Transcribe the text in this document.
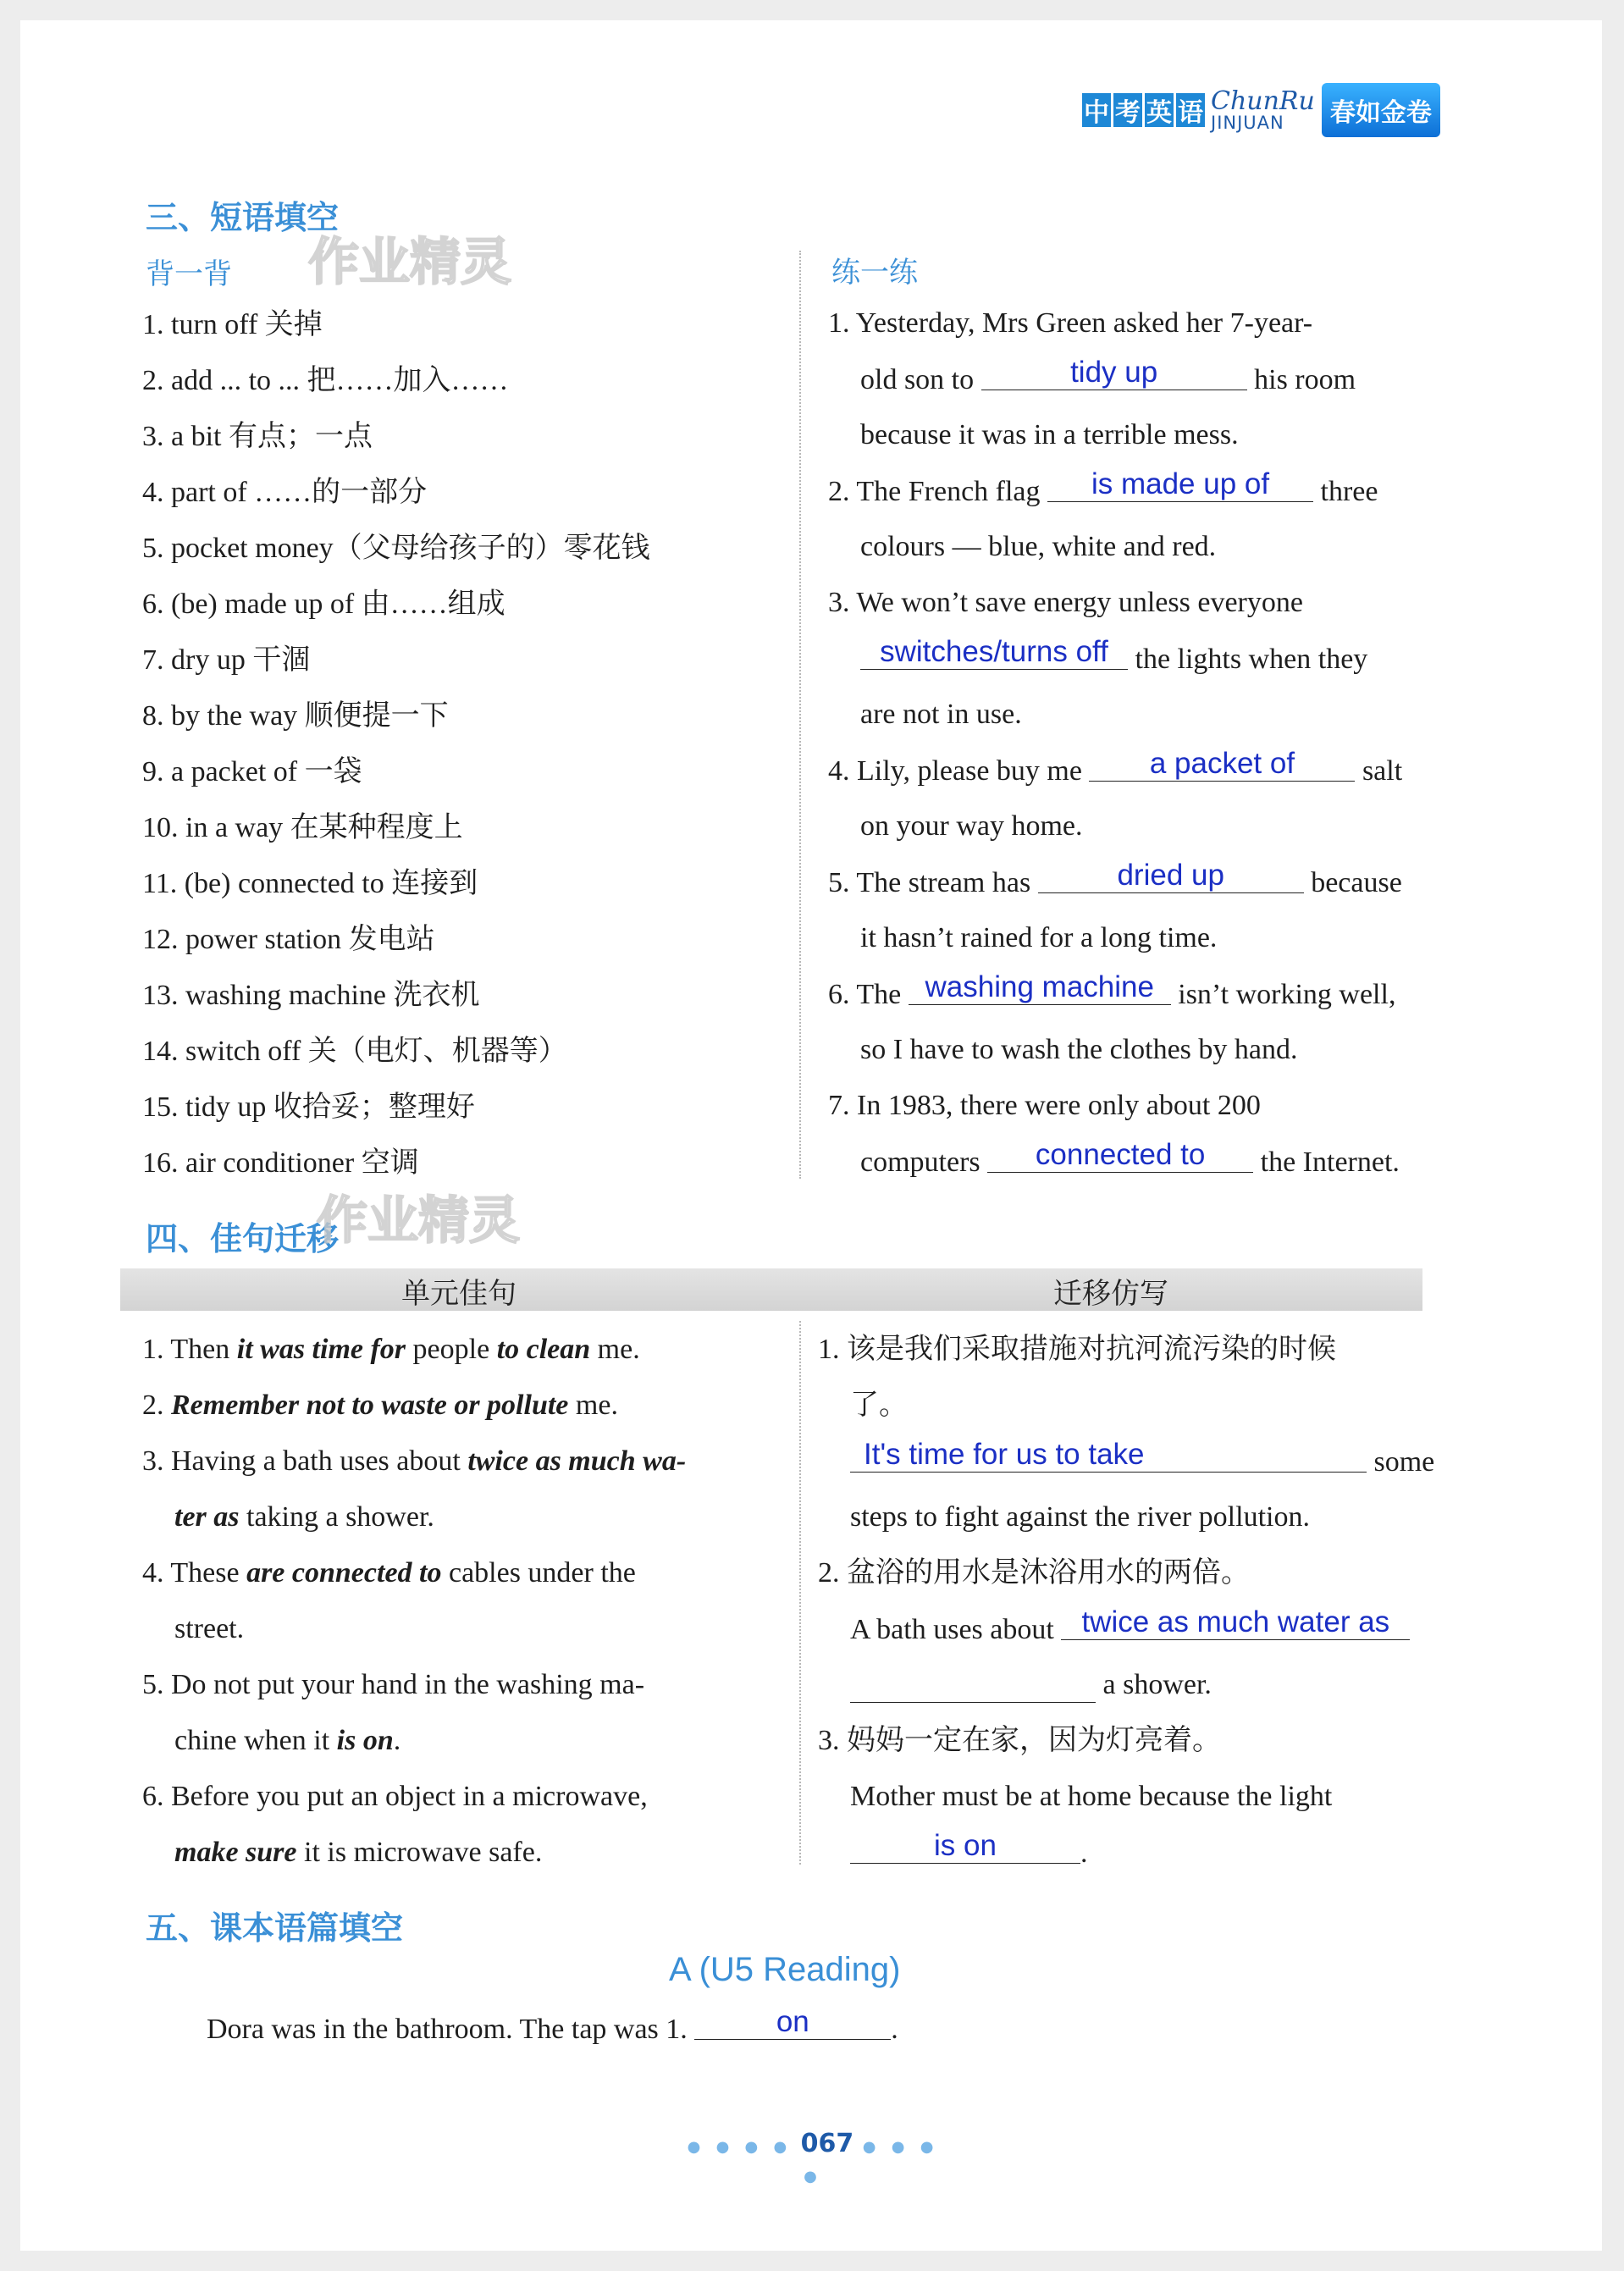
中 考 英 语 ChunRu
JINJUAN	春如金卷
三、短语填空
背一背 作业精灵	练一练
1. turn off 关掉
2. add ... to ... 把……加入……
3. a bit 有点；一点
4. part of ……的一部分
5. pocket money（父母给孩子的）零花钱
6. (be) made up of 由……组成
7. dry up 干涸
8. by the way 顺便提一下
9. a packet of 一袋
10. in a way 在某种程度上
11. (be) connected to 连接到
12. power station 发电站
13. washing machine 洗衣机
14. switch off 关（电灯、机器等）
15. tidy up 收拾妥；整理好
16. air conditioner 空调
1. Yesterday, Mrs Green asked her 7-year-
old son to	tidy up	his room
because it was in a terrible mess.
2. The French flag is made up of three
colours — blue, white and red.
3. We won’t save energy unless everyone
switches/turns off the lights when they
are not in use.
4. Lily, please buy me a packet of salt
on your way home.
5. The stream has	dried up	because
it hasn’t rained for a long time.
6. The washing machine isn’t working well,
so I have to wash the clothes by hand.
7. In 1983, there were only about 200
computers connected to the Internet.
四、佳句迁移
作业精灵
单元佳句	迁移仿写
1. Then it was time for people to clean me.
2. Remember not to waste or pollute me.
3. Having a bath uses about twice as much wa-
ter as taking a shower.
4. These are connected to cables under the
street.
5. Do not put your hand in the washing ma-
chine when it is on.
6. Before you put an object in a microwave,
make sure it is microwave safe.
1. 该是我们采取措施对抗河流污染的时候
了。
It's time for us to take	some
steps to fight against the river pollution.
2. 盆浴的用水是沐浴用水的两倍。
A bath uses about twice as much water as
a shower.
3. 妈妈一定在家，因为灯亮着。
Mother must be at home because the light
is on	.
五、课本语篇填空
A (U5 Reading)
Dora was in the bathroom. The tap was 1.	on	.
● ● ● ● 067 ● ● ● ●
